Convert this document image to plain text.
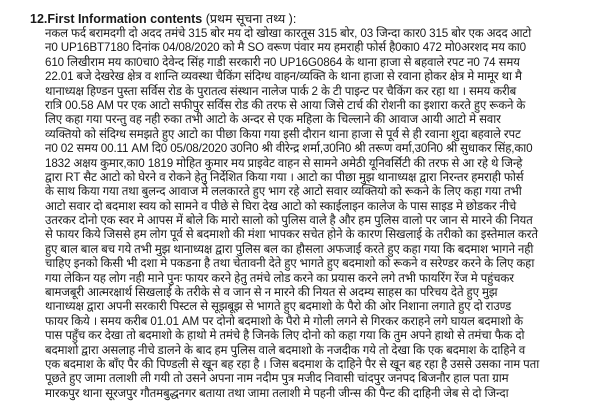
12.First Information contents (प्रथम सूचना तथ्य ):
नकल फर्द बरामदगी दो अदद तमंचे 315 बोर मय दो खोखा कारतूस 315 बोर, 03 जिन्दा कार0 315 बोर एक अदद आटो
न0 UP16BT7180 दिनांक 04/08/2020 को मै SO वरूण पंवार मय हमराही फोर्स है0का0 472 मो0अरशद मय का0
610 लिखीराम मय का0चा0 देवेन्द सिंह गाडी सरकारी न0 UP16G0864 के थाना हाजा से बहवाले रपट न0 74 समय
22.01 बजे देखरेख क्षेत्र व शान्ति व्यवस्था चैकिंग संदिग्ध वाहन/व्यक्ति के थाना हाजा से रवाना होकर क्षेत्र मे मामूर था मै
थानाध्यक्ष हिण्डन पुस्ता सर्विस रोड के पुरातत्व संस्थान नालेज पार्क 2 के टी पाइन्ट पर चैकिंग कर रहा था । समय करीब
रात्रि 00.58 AM पर एक आटो सफीपुर सर्विस रोड की तरफ से आया जिसे टार्च की रोशनी का इशारा करते हुए रूकने के
लिए कहा गया परन्तु वह नही रुका तभी आटो के अन्दर से एक महिला के चिल्लाने की आवाज आयी आटो मे सवार
व्यक्तियो को संदिग्ध समझते हुए आटो का पीछा किया गया इसी दौरान थाना हाजा से पूर्व से ही रवाना शुदा बहवाले रपट
न0 02 समय 00.11 AM दि0 05/08/2020 उ0नि0 श्री वीरेन्द्र शर्मा,उ0नि0 श्री तरूण वर्मा,उ0नि0 श्री सुधाकर सिंह,का0
1832 अक्षय कुमार,का0 1819 मोहित कुमार मय प्राइवेट वाहन से सामने अमेठी यूनिवर्सिटी की तरफ से आ रहे थे जिन्हे
द्वारा RT सैट आटो को घेरने व रोकने हेतु निर्देशित किया गया । आटो का पीछा मुझ थानाध्यक्ष द्वारा निरन्तर हमराही फोर्स
के साथ किया गया तथा बुलन्द आवाज मे ललकारते हुए भाग रहे आटो सवार व्यक्तियो को रूकने के लिए कहा गया तभी
आटो सवार दो बदमाश स्वय को सामने व पीछे से घिरा देख आटो को स्काईलाइन कालेज के पास साइड मे छोडकर नीचे
उतरकर दोनो एक स्वर मे आपस में बोले कि मारो सालो को पुलिस वाले है और हम पुलिस वालो पर जान से मारने की नियत
से फायर किये जिससे हम लोग पूर्व से बदमाशो की मंशा भापकर सचेत होने के कारण सिखलाई के तरीको का इस्तेमाल करते
हुए बाल बाल बच गये तभी मुझ थानाध्यक्ष द्वारा पुलिस बल का हौसला अफजाई करते हुए कहा गया कि बदमाश भागने नही
चाहिए इनको किसी भी दशा मे पकडना है तथा चेतावनी देते हुए भागते हुए बदमाशो को रूकने व सरेण्डर करने के लिए कहा
गया लेकिन यह लोग नही माने पुनः फायर करने हेतु तमंचे लोड करने का प्रयास करने लगे तभी फायरिंग रेंज मे पहुंचकर
बामजबूरी आत्मरक्षार्थ सिखलाई के तरीके से व जान से न मारने की नियत से अदम्य साहस का परिचय देते हुए मुझ
थानाध्यक्ष द्वारा अपनी सरकारी पिस्टल से सूझबूझ से भागते हुए बदमाशो के पैरो की ओर निशाना लगाते हुए दो राउण्ड
फायर किये । समय करीब 01.01 AM पर दोनो बदमाशो के पैरो मे गोली लगने से गिरकर कराहने लगे घायल बदमाशो के
पास पहुँच कर देखा तो बदमाशो के हाथो मे तमंचे है जिनके लिए दोनो को कहा गया कि तुम अपने हाथो से तमंचा फैक दो
बदमाशो द्वारा असलाह नीचे डालने के बाद हम पुलिस वाले बदमाशो के नजदीक गये तो देखा कि एक बदमाश के दाहिने व
एक बदमाश के बाँए पैर की पिण्डली से खून बह रहा है । जिस बदमाश के दाहिने पैर से खून बह रहा है उससे उसका नाम पता
पूछते हुए जामा तलाशी ली गयी तो उसने अपना नाम नदीम पुत्र मजीद निवासी चांदपुर जनपद बिजनौर हाल पता ग्राम
मारकपुर थाना सूरजपुर गौतमबुद्धनगर बताया तथा जामा तलाशी मे पहनी जीन्स की पैन्ट की दाहिनी जेब से दो जिन्दा
